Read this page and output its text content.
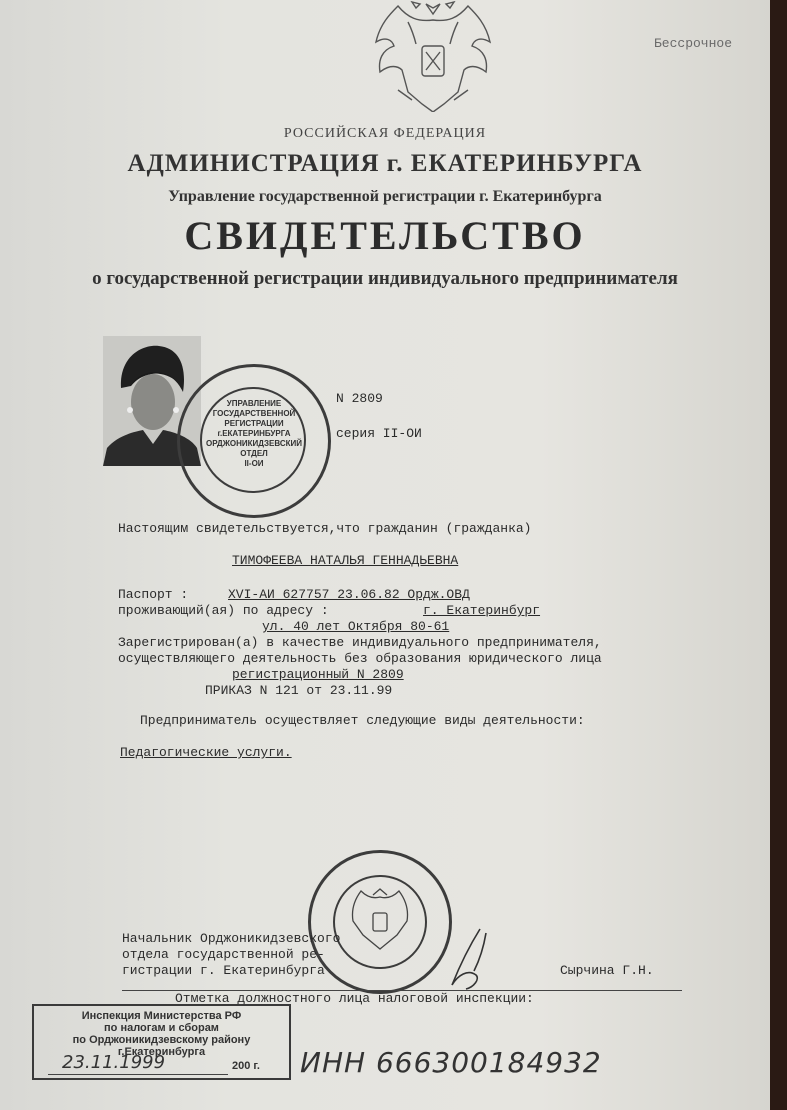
Бессрочное
РОССИЙСКАЯ ФЕДЕРАЦИЯ
АДМИНИСТРАЦИЯ г. ЕКАТЕРИНБУРГА
Управление государственной регистрации г. Екатеринбурга
СВИДЕТЕЛЬСТВО
о государственной регистрации индивидуального предпринимателя
УПРАВЛЕНИЕ
ГОСУДАРСТВЕННОЙ
РЕГИСТРАЦИИ
г.ЕКАТЕРИНБУРГА
ОРДЖОНИКИДЗЕВСКИЙ
ОТДЕЛ
II-ОИ
N 2809
серия II-ОИ
Настоящим свидетельствуется,что гражданин (гражданка)
ТИМОФЕЕВА НАТАЛЬЯ ГЕННАДЬЕВНА
Паспорт :	XVI-АИ 627757 23.06.82 Ордж.ОВД
проживающий(ая) по адресу :	г. Екатеринбург
ул. 40 лет Октября 80-61
Зарегистрирован(а) в качестве индивидуального предпринимателя,
осуществляющего деятельность без образования юридического лица
регистрационный N 2809
ПРИКАЗ N 121 от 23.11.99
Предприниматель осуществляет следующие виды деятельности:
Педагогические услуги.
Начальник Орджоникидзевского
отдела государственной ре-
гистрации г. Екатеринбурга	Сырчина Г.Н.
Отметка должностного лица налоговой инспекции:
Инспекция Министерства РФ
по налогам и сборам
по Орджоникидзевскому району
г.Екатеринбурга
23.11.1999	200 г. ИНН 666300184932
